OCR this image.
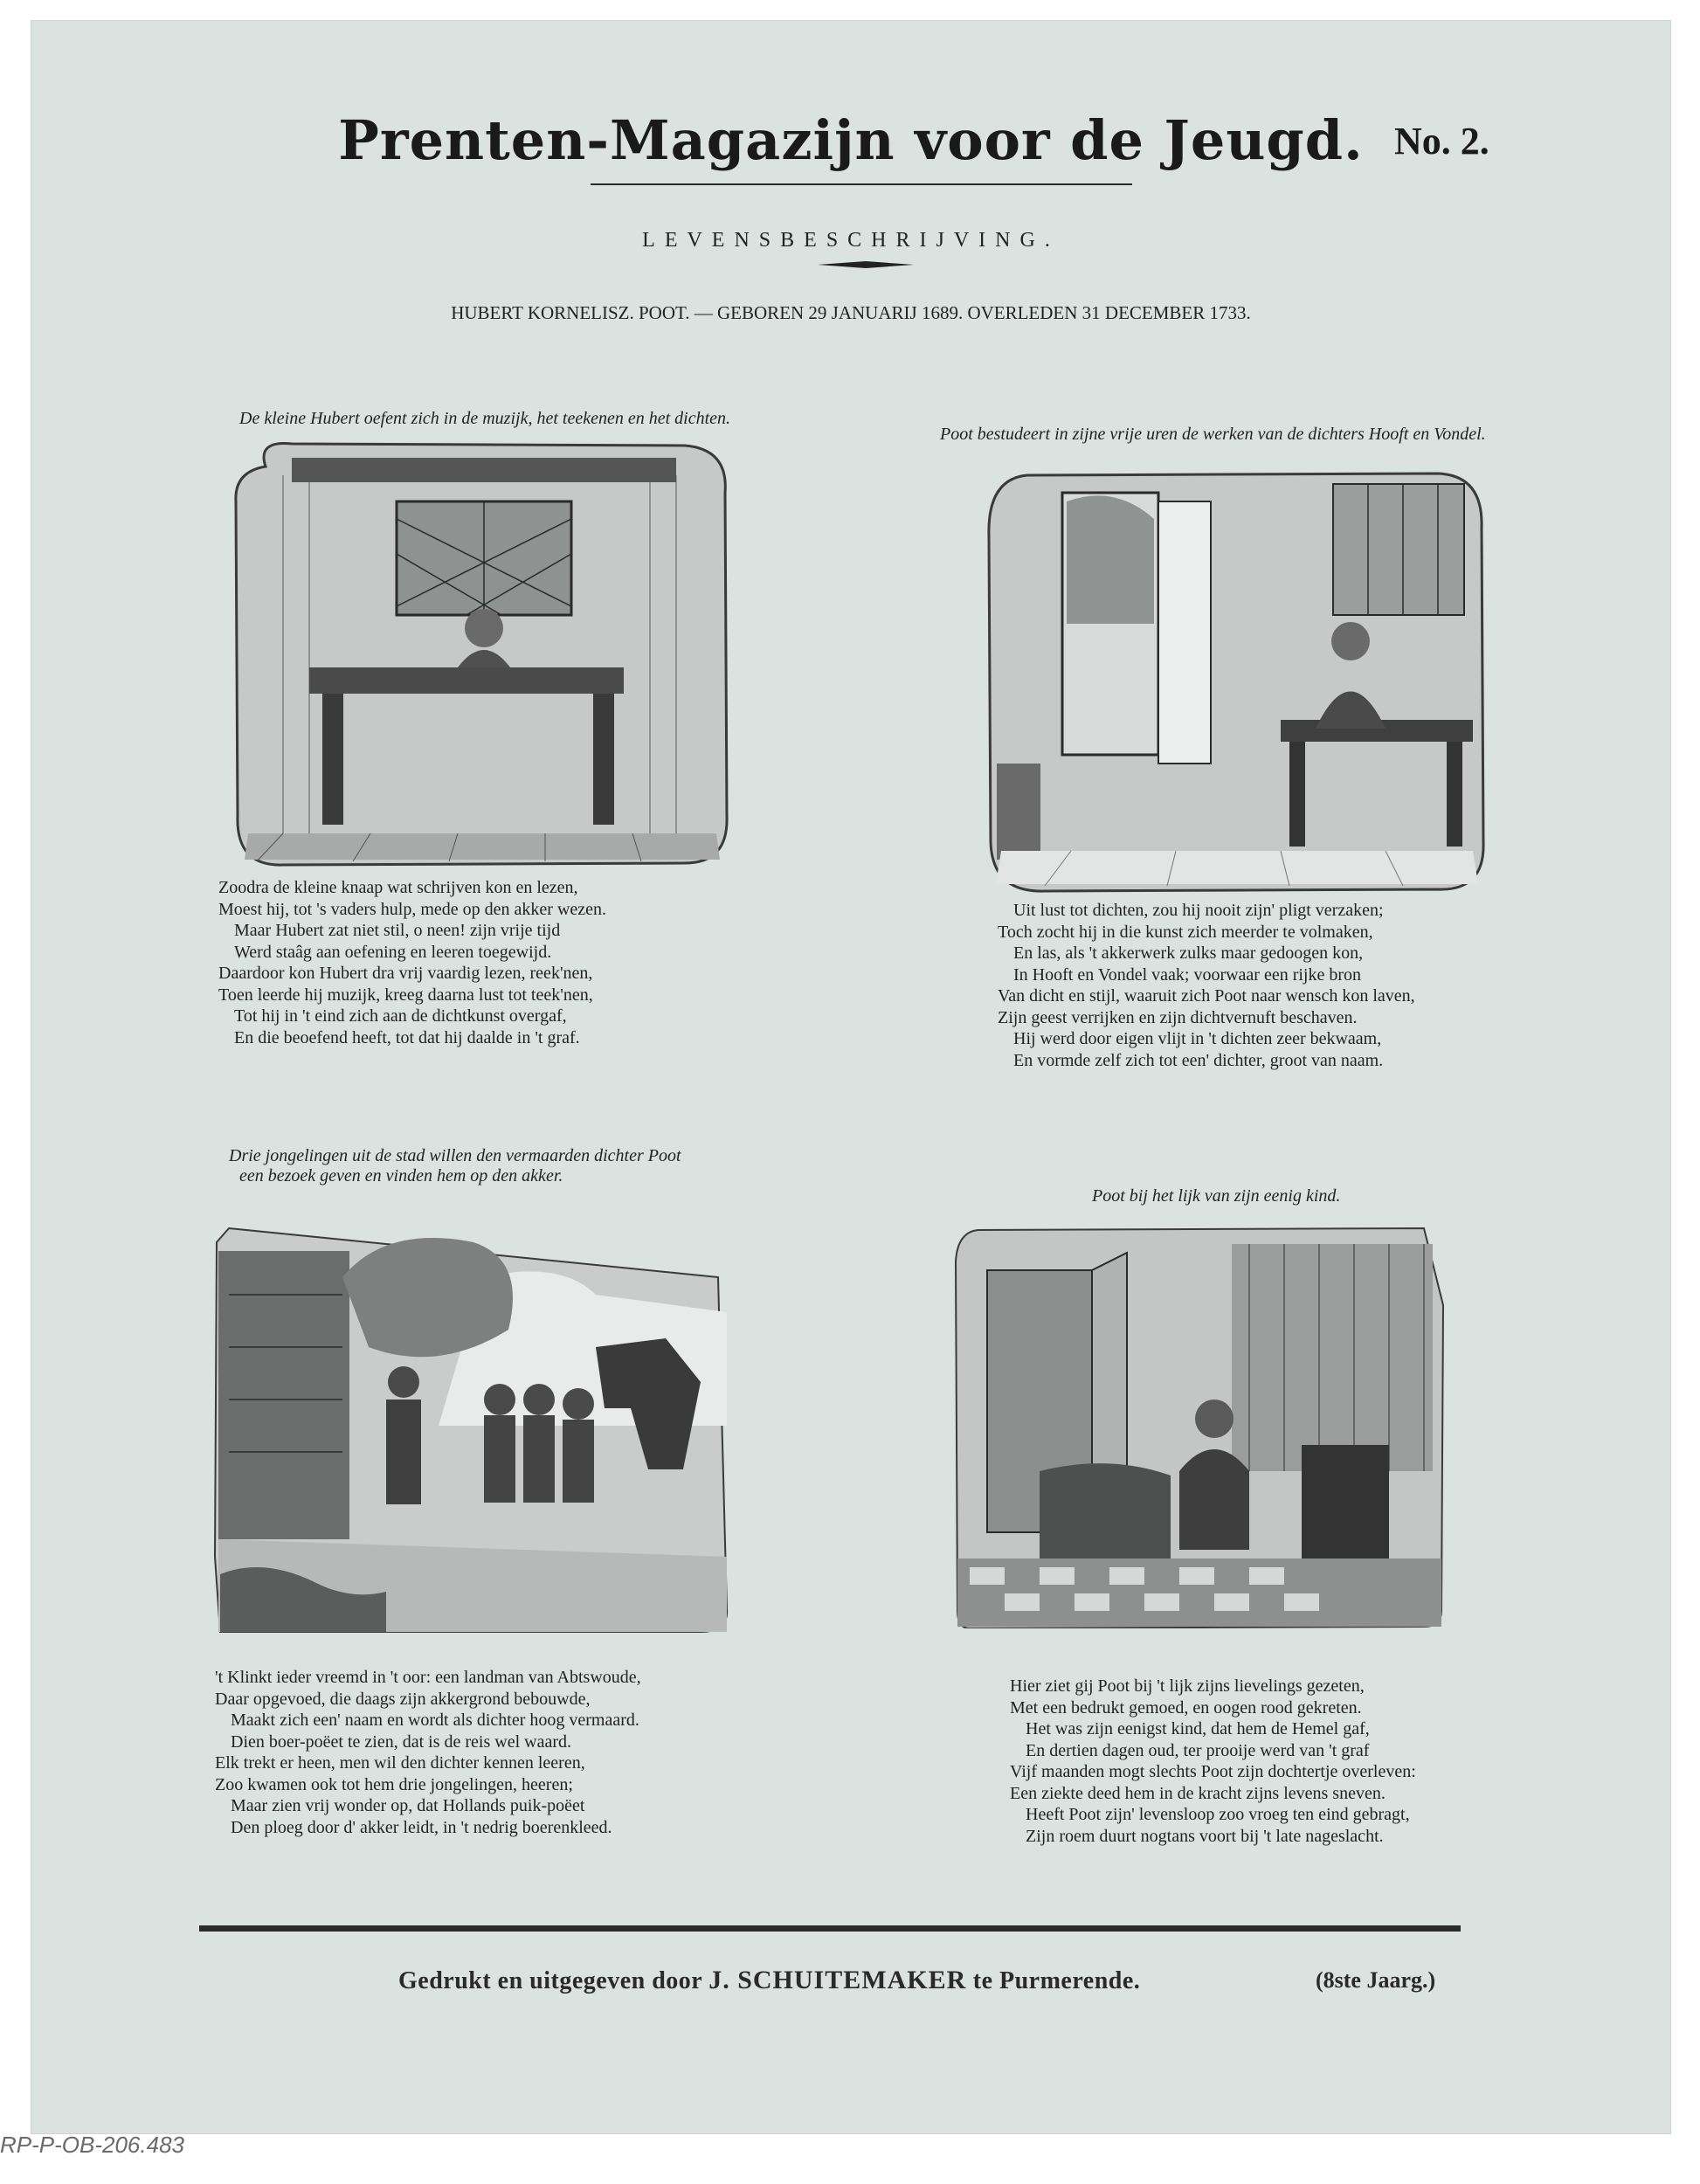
Prenten-Magazijn voor de Jeugd. No. 2.
LEVENSBESCHRIJVING.
HUBERT KORNELISZ. POOT. — GEBOREN 29 JANUARIJ 1689. OVERLEDEN 31 DECEMBER 1733.
De kleine Hubert oefent zich in de muzijk, het teekenen en het dichten.
Zoodra de kleine knaap wat schrijven kon en lezen,
Moest hij, tot 's vaders hulp, mede op den akker wezen.
Maar Hubert zat niet stil, o neen! zijn vrije tijd
Werd staâg aan oefening en leeren toegewijd.
Daardoor kon Hubert dra vrij vaardig lezen, reek'nen,
Toen leerde hij muzijk, kreeg daarna lust tot teek'nen,
Tot hij in 't eind zich aan de dichtkunst overgaf,
En die beoefend heeft, tot dat hij daalde in 't graf.
Poot bestudeert in zijne vrije uren de werken van de dichters Hooft en Vondel.
Uit lust tot dichten, zou hij nooit zijn' pligt verzaken;
Toch zocht hij in die kunst zich meerder te volmaken,
En las, als 't akkerwerk zulks maar gedoogen kon,
In Hooft en Vondel vaak; voorwaar een rijke bron
Van dicht en stijl, waaruit zich Poot naar wensch kon laven,
Zijn geest verrijken en zijn dichtvernuft beschaven.
Hij werd door eigen vlijt in 't dichten zeer bekwaam,
En vormde zelf zich tot een' dichter, groot van naam.
Drie jongelingen uit de stad willen den vermaarden dichter Poot
een bezoek geven en vinden hem op den akker.
't Klinkt ieder vreemd in 't oor: een landman van Abtswoude,
Daar opgevoed, die daags zijn akkergrond bebouwde,
Maakt zich een' naam en wordt als dichter hoog vermaard.
Dien boer-poëet te zien, dat is de reis wel waard.
Elk trekt er heen, men wil den dichter kennen leeren,
Zoo kwamen ook tot hem drie jongelingen, heeren;
Maar zien vrij wonder op, dat Hollands puik-poëet
Den ploeg door d' akker leidt, in 't nedrig boerenkleed.
Poot bij het lijk van zijn eenig kind.
Hier ziet gij Poot bij 't lijk zijns lievelings gezeten,
Met een bedrukt gemoed, en oogen rood gekreten.
Het was zijn eenigst kind, dat hem de Hemel gaf,
En dertien dagen oud, ter prooije werd van 't graf
Vijf maanden mogt slechts Poot zijn dochtertje overleven:
Een ziekte deed hem in de kracht zijns levens sneven.
Heeft Poot zijn' levensloop zoo vroeg ten eind gebragt,
Zijn roem duurt nogtans voort bij 't late nageslacht.
Gedrukt en uitgegeven door J. SCHUITEMAKER te Purmerende.	(8ste Jaarg.)
RP-P-OB-206.483
